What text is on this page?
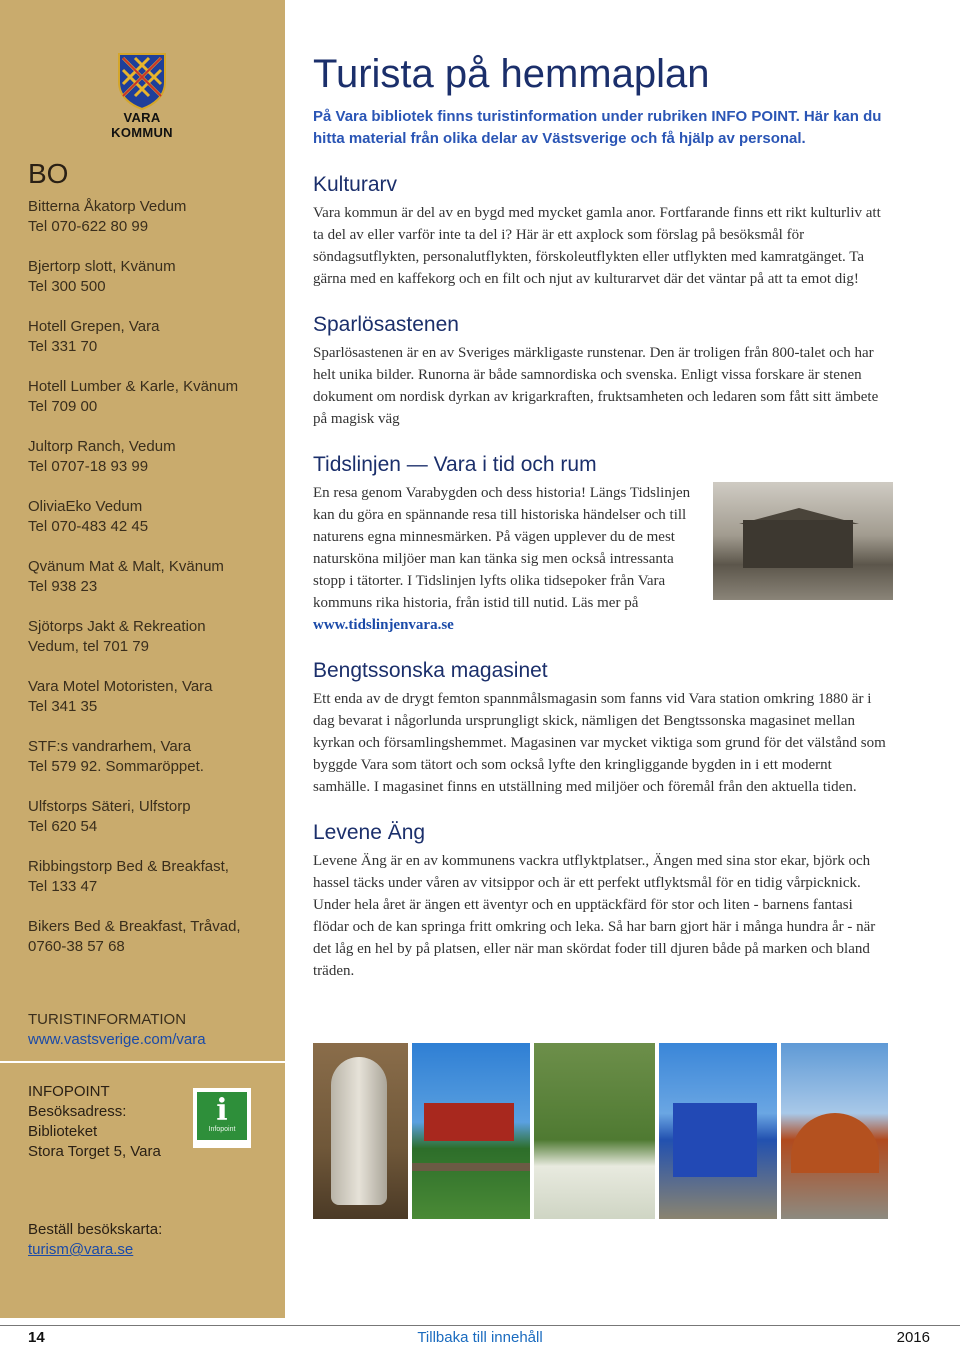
VARA KOMMUN
BO
Bitterna Åkatorp Vedum
Tel 070-622 80 99
Bjertorp slott, Kvänum
Tel 300 500
Hotell Grepen, Vara
Tel 331 70
Hotell Lumber & Karle, Kvänum
Tel 709 00
Jultorp Ranch, Vedum
Tel 0707-18 93 99
OliviaEko Vedum
Tel 070-483 42 45
Qvänum Mat & Malt, Kvänum
Tel 938 23
Sjötorps Jakt & Rekreation
Vedum, tel 701 79
Vara Motel Motoristen, Vara
Tel 341 35
STF:s vandrarhem, Vara
Tel 579 92. Sommaröppet.
Ulfstorps Säteri, Ulfstorp
Tel 620 54
Ribbingstorp Bed & Breakfast,
Tel 133 47
Bikers Bed & Breakfast, Tråvad,
0760-38 57 68
TURISTINFORMATION
www.vastsverige.com/vara
INFOPOINT
Besöksadress:
Biblioteket
Stora Torget 5, Vara
i
Infopoint
Beställ besökskarta:
turism@vara.se
Turista på hemmaplan

På Vara bibliotek finns turistinformation under rubriken INFO POINT. Här kan du hitta material från olika delar av Västsverige och få hjälp av personal.

Kulturarv

Vara kommun är del av en bygd med mycket gamla anor. Fortfarande finns ett rikt kulturliv att ta del av eller varför inte ta del i? Här är ett axplock som förslag på besöksmål för söndagsutflykten, personalutflykten, förskoleutflykten eller utflykten med kamratgänget. Ta gärna med en kaffekorg och en filt och njut av kulturarvet där det väntar på att ta emot dig!

Sparlösastenen

Sparlösastenen är en av Sveriges märkligaste runstenar. Den är troligen från 800-talet och har helt unika bilder. Runorna är både samnordiska och svenska. Enligt vissa forskare är stenen dokument om nordisk dyrkan av krigarkraften, fruktsamheten och ledaren som fått sitt ämbete på magisk väg

Tidslinjen — Vara i tid och rum

En resa genom Varabygden och dess historia! Längs Tidslinjen kan du göra en spännande resa till historiska händelser och till naturens egna minnesmärken. På vägen upplever du de mest natursköna miljöer man kan tänka sig men också intressanta stopp i tätorter. I Tidslinjen lyfts olika tidsepoker från Vara kommuns rika historia, från istid till nutid. Läs mer på www.tidslinjenvara.se

Bengtssonska magasinet

Ett enda av de drygt femton spannmålsmagasin som fanns vid Vara station omkring 1880 är i dag bevarat i någorlunda ursprungligt skick, nämligen det Bengtssonska magasinet mellan kyrkan och församlingshemmet. Magasinen var mycket viktiga som grund för det välstånd som byggde Vara som tätort och som också lyfte den kringliggande bygden in i ett modernt samhälle. I magasinet finns en utställning med miljöer och föremål från den aktuella tiden.

Levene Äng

Levene Äng är en av kommunens vackra utflyktplatser., Ängen med sina stor ekar, björk och hassel täcks under våren av vitsippor och är ett perfekt utflyktsmål för en tidig vårpicknick. Under hela året är ängen ett äventyr och en upptäckfärd för stor och liten - barnens fantasi flödar och de kan springa fritt omkring och leka. Så har barn gjort här i många hundra år - när det låg en hel by på platsen, eller när man skördat foder till djuren både på marken och bland träden.

14	Tillbaka till innehåll	2016
